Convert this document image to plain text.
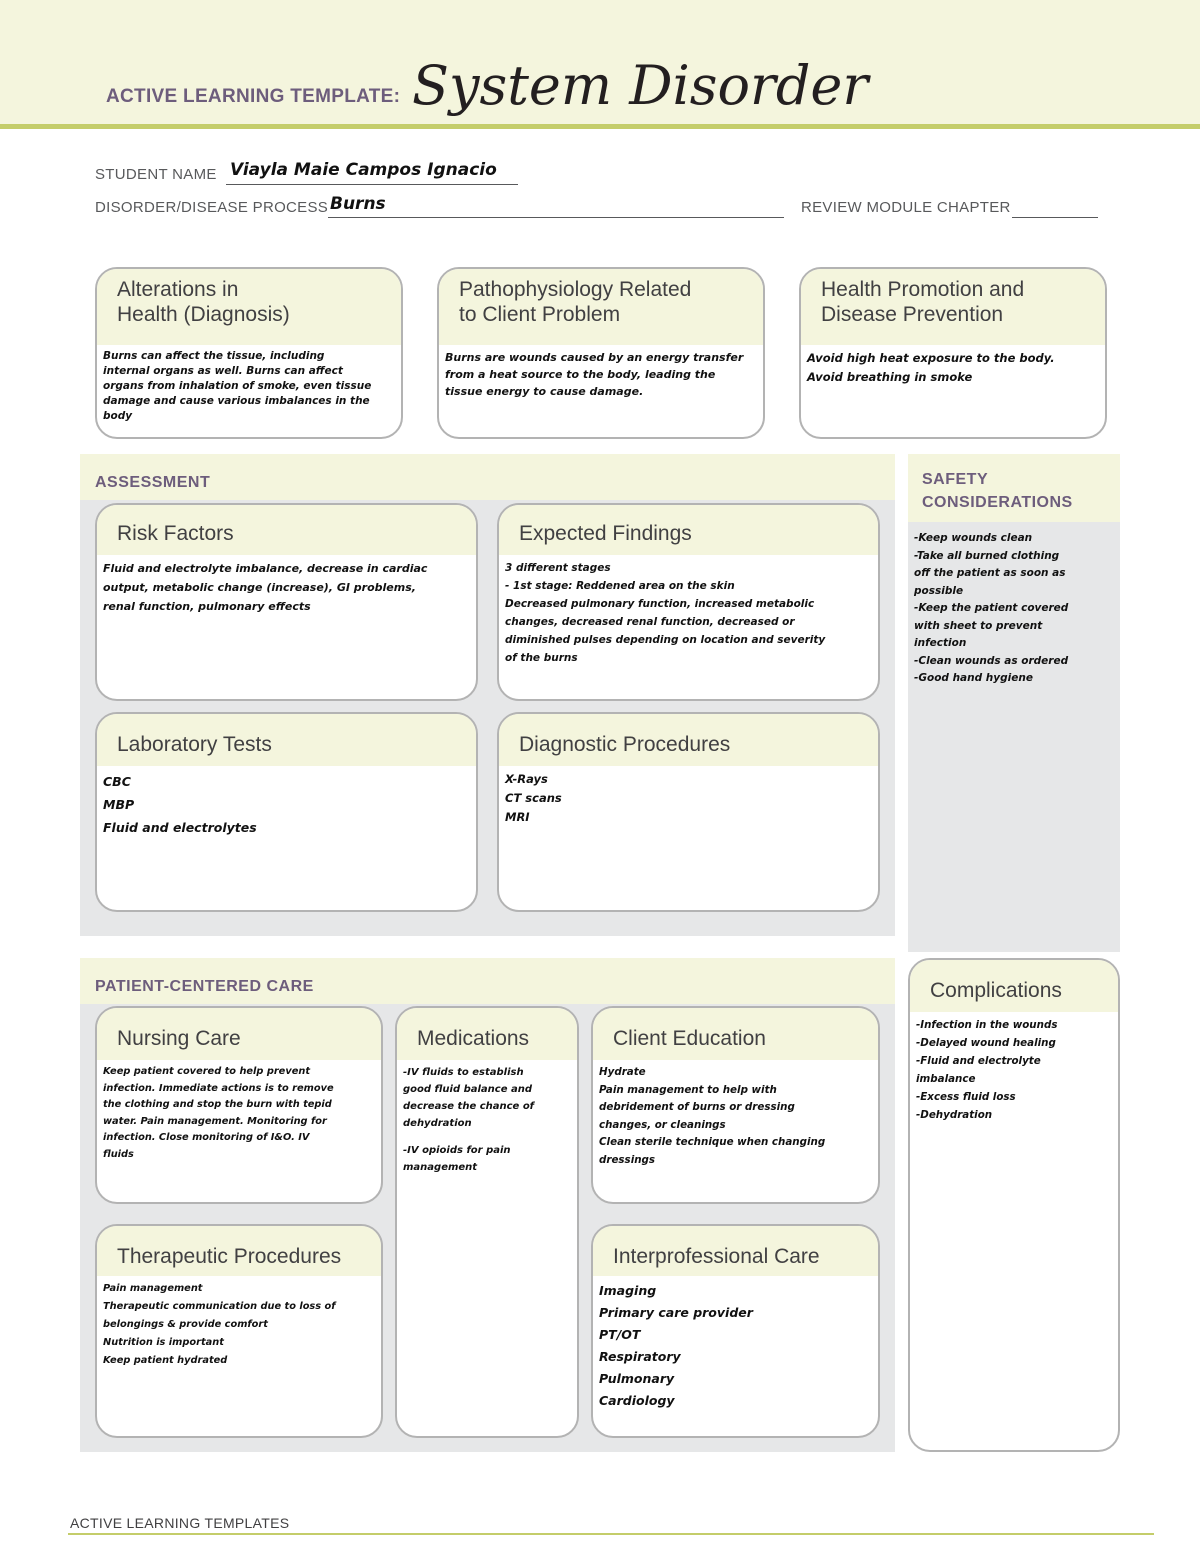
ACTIVE LEARNING TEMPLATE: System Disorder
STUDENT NAME Viayla Maie Campos Ignacio
DISORDER/DISEASE PROCESS Burns	REVIEW MODULE CHAPTER
Alterations in
Health (Diagnosis)
Burns can affect the tissue, including
internal organs as well. Burns can affect
organs from inhalation of smoke, even tissue
damage and cause various imbalances in the
body
Pathophysiology Related
to Client Problem
Burns are wounds caused by an energy transfer
from a heat source to the body, leading the
tissue energy to cause damage.
Health Promotion and
Disease Prevention
Avoid high heat exposure to the body.
Avoid breathing in smoke
ASSESSMENT
Risk Factors
Fluid and electrolyte imbalance, decrease in cardiac
output, metabolic change (increase), GI problems,
renal function, pulmonary effects
Expected Findings
3 different stages
- 1st stage: Reddened area on the skin
Decreased pulmonary function, increased metabolic
changes, decreased renal function, decreased or
diminished pulses depending on location and severity
of the burns
Laboratory Tests
CBC
MBP
Fluid and electrolytes
Diagnostic Procedures
X-Rays
CT scans
MRI
SAFETY
CONSIDERATIONS
-Keep wounds clean
-Take all burned clothing
off the patient as soon as
possible
-Keep the patient covered
with sheet to prevent
infection
-Clean wounds as ordered
-Good hand hygiene
PATIENT-CENTERED CARE
Nursing Care
Keep patient covered to help prevent
infection. Immediate actions is to remove
the clothing and stop the burn with tepid
water. Pain management. Monitoring for
infection. Close monitoring of I&O. IV
fluids
Medications
-IV fluids to establish
good fluid balance and
decrease the chance of
dehydration
-IV opioids for pain
management
Client Education
Hydrate
Pain management to help with
debridement of burns or dressing
changes, or cleanings
Clean sterile technique when changing
dressings
Therapeutic Procedures
Pain management
Therapeutic communication due to loss of
belongings & provide comfort
Nutrition is important
Keep patient hydrated
Interprofessional Care
Imaging
Primary care provider
PT/OT
Respiratory
Pulmonary
Cardiology
Complications
-Infection in the wounds
-Delayed wound healing
-Fluid and electrolyte
imbalance
-Excess fluid loss
-Dehydration
ACTIVE LEARNING TEMPLATES
